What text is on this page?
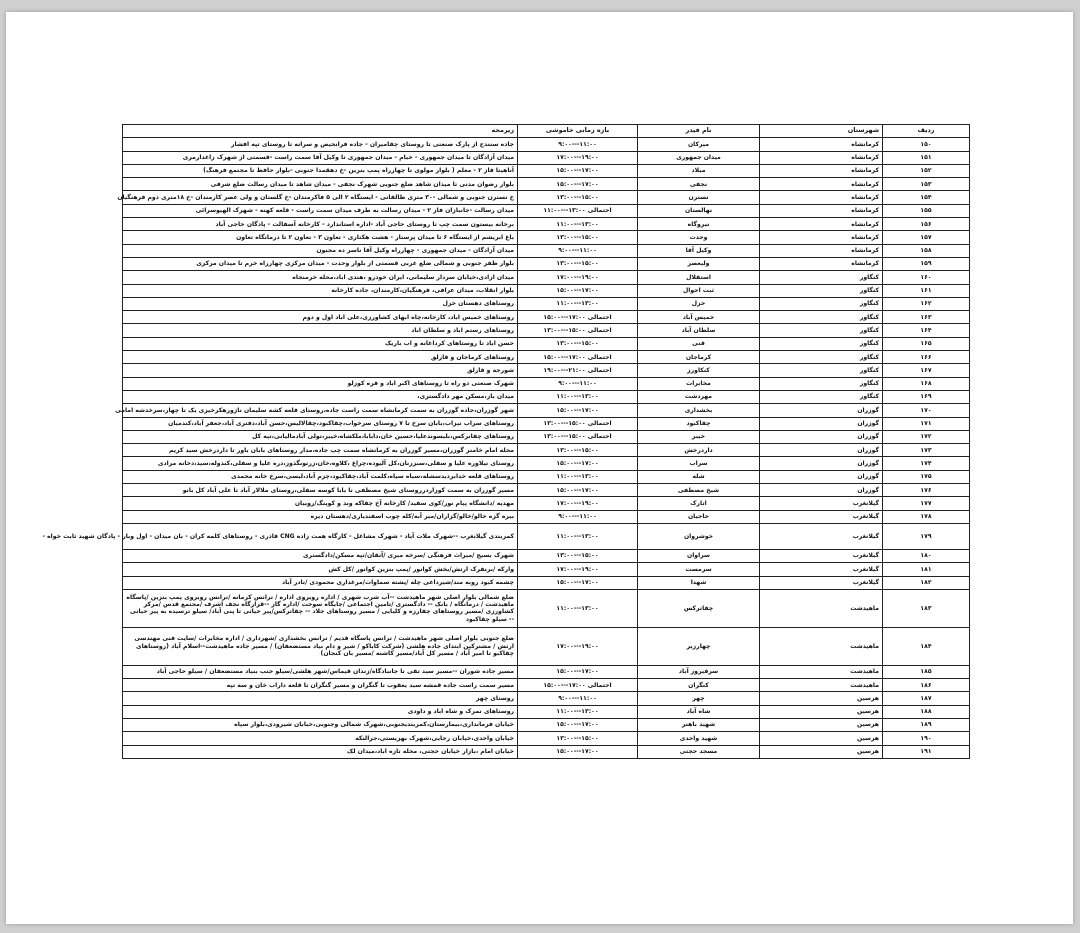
ردیف	شهرستان	نام فیدر	بازه زمانی خاموشی	زیرمجه
۱۵۰	کرمانشاه	میرکان	۹:۰۰---۱۱:۰۰	جاده سنندج از پارک صنعتی تا روستای چقامیران - جاده فرانجیص و سرانه تا روستای تپه افشار
۱۵۱	کرمانشاه	میدان جمهوری	۱۷:۰۰---۱۹:۰۰	میدان آزادگان تا میدان جمهوری - خیام - میدان جمهوری تا وکیل آقا سمت راست -قسمتی از شهرک زاغدارمری
۱۵۲	کرمانشاه	میلاد	۱۵:۰۰---۱۷:۰۰	آناهیتا فاز ۲ - معلم ( بلوار مولوی تا چهارراه پمپ بنزین -خ دهقمدا جنوبی -بلوار حافظ تا مجتمع فرهنگ)
۱۵۳	کرمانشاه	نجفی	۱۵:۰۰---۱۷:۰۰	بلوار رضوان مدنی تا میدان شاهد ضلع جنوبی شهرک نجفی - میدان شاهد تا میدان رسالت ضلع شرقی
۱۵۴	کرمانشاه	نسترن	۱۳:۰۰---۱۵:۰۰	خ نسترن جنوبی و شمالی -۳۰ متری طالقانی - ایستگاه ۲ الی ۵ فاکرمندان -خ گلستان و ولی عصر کارمندان -خ ۱۸متری دوم فرهنگیان
۱۵۵	کرمانشاه	نهالستان	احتمالی ۱۳:۰۰---۱۱:۰۰	میدان رسالت -جانبازان فاز ۲ - میدان رسالت به طرف میدان سمت راست - قلعه کهنه - شهرک الهیوسرائی
۱۵۶	کرمانشاه	نیروگاه	۱۱:۰۰---۱۳:۰۰	برخانه بیستون سمت چپ تا روستای حاجی آباد -اداره استاندارد - کارخانه آسفالت - پادگان حاجی آباد
۱۵۷	کرمانشاه	وحدت	۱۳:۰۰---۱۵:۰۰	باغ ابریشم از ایستگاه ۶ تا میدان پرستار - هشت هکتاری - تعاون ۳ - تعاون ۲ تا درمانگاه تعاون
۱۵۸	کرمانشاه	وکیل آقا	۹:۰۰---۱۱:۰۰	میدان آزادگان - میدان جمهوری - چهارراه وکیل آقا ناسر ده مجنون
۱۵۹	کرمانشاه	ولیعصر	۱۳:۰۰---۱۵:۰۰	بلوار ظفر جنوبی و شمالی ضلع غربی قسمتی از بلوار وحدت - میدان مرکزی چهارراه خرم تا میدان مرکزی
۱۶۰	کنگاور	استقلال	۱۷:۰۰---۱۹:۰۰	میدان ازادی،خیابان سردار سلیمانی، ایران خودرو ،هتدی اباد،محله خرمنجاه
۱۶۱	کنگاور	ثبت احوال	۱۵:۰۰---۱۷:۰۰	بلوار انقلاب، میدان عرافی، فرهنگیان،کارمندان، جاده کارخانه
۱۶۲	کنگاور	خزل	۱۱:۰۰---۱۳:۰۰	روستاهای دهستان خزل
۱۶۳	کنگاور	خمیس آباد	احتمالی ۱۷:۰۰---۱۵:۰۰	روستاهای خمیس اباد، کارخانه،چاه ابهای کشاورزی،علی اباد اول و دوم
۱۶۴	کنگاور	سلطان آباد	احتمالی ۱۵:۰۰---۱۳:۰۰	روستاهای رستم اباد و سلطان اباد
۱۶۵	کنگاور	قنی	۱۳:۰۰---۱۵:۰۰	حسن اباد تا روستاهای کرداغانه و اب باریک
۱۶۶	کنگاور	کرماجان	احتمالی ۱۷:۰۰---۱۵:۰۰	روستاهای کرماجان و قارلق
۱۶۷	کنگاور	کنکاورز	احتمالی ۲۱:۰۰---۱۹:۰۰	شورجه و قارلق
۱۶۸	کنگاور	مخابرات	۹:۰۰---۱۱:۰۰	شهرک صنعتی دو راه تا روستاهای اکبر اباد و قره کوزلو
۱۶۹	کنگاور	مهردشت	۱۱:۰۰---۱۳:۰۰	میدان باز،مسکن مهر دادگستری،
۱۷۰	گوزران	بخشداری	۱۵:۰۰---۱۷:۰۰	شهر گوزران،جاده گوزران به سمت کرمانشاه سمت راست جاده،روستای قلعه کشه سلیمان ناژورهکرخیزی یک تا چهار،سرخدشه امامی
۱۷۱	گوزران	چقاکبود	احتمالی ۱۵:۰۰---۱۳:۰۰	روستاهای سراب تیزاب،بابان سرخ تا ۷ روستای سرخواب،چقاکبود،چقالالیس،حسن آباد،دفتری آباد،جعفر آباد،کندمیان
۱۷۲	گوزران	خیبر	احتمالی ۱۵:۰۰---۱۳:۰۰	روستاهای چقانرکس،بلیسوندعلیا،حسین خان،دابابا،ملکشاه،خیبر،تولی آبادمالیانی،تپه کل
۱۷۳	گوزران	داردرخش	۱۳:۰۰---۱۵:۰۰	محله امام خامنر گوزران،مسیر گوزران به کرمانشاه سمت چپ جاده،مدار روستاهای بابان باور تا داردرخش سید کریم
۱۷۴	گوزران	سراب	۱۵:۰۰---۱۷:۰۰	روستای نیلاوره علیا و سفلی،سبززنان،کل آلیوده،چراغ ،کلاوه،خان،زرتونگدوز،دره علیا و سفلی،کندوله،سید،دخانه مرادی
۱۷۵	گوزران	شله	۱۱:۰۰---۱۳:۰۰	روستاهای قلعه خدابردیدسشله،سیاه سیاه،کلمت آباد،چقاکبود،چزم آباد،لیسی،سرخ خانه محمدی
۱۷۶	گوزران	شیخ مصطفی	۱۵:۰۰---۱۷:۰۰	مسیر گوزران به سمت کوزاردرروستای شیخ مصطفی تا بابا کوسه سفلی،روستای ملالار آباد تا علی آباد کل بانو
۱۷۷	گیلانغرب	اتارک	۱۷:۰۰---۱۹:۰۰	مهدیه /دانشگاه پیام نور/کوی سفید/ کارخانه آخ چقاکه وند و کوینگ/روبیان
۱۷۸	گیلانغرب	حاجیان	۹:۰۰---۱۱:۰۰	بیره گزه خالو/خالو/گزاران/میر آبه/کله چوب اسفندیاری/دهستان دیره
۱۷۹	گیلانغرب	خوشروان	۱۱:۰۰---۱۳:۰۰	کمربندی گیلانغرب --شهرک ملات آباد - شهرک مشاغل - کارگاه همت زاده CNG قادری - روستاهای کلمه کران - بان میدان - اول وبار - پادگان شهید ثابت خواه -
۱۸۰	گیلانغرب	سراوان	۱۳:۰۰---۱۵:۰۰	شهرک بسیج /میراث فرهنگی /سرخه میری /آنقان/تپه مسکن/دادگستری
۱۸۱	گیلانغرب	سرمست	۱۷:۰۰---۱۹:۰۰	وارکه /برنفرک ارتش/بخش کوانور /پمپ بنزین کوانور /کل کش
۱۸۲	گیلانغرب	شهدا	۱۵:۰۰---۱۷:۰۰	چشمه کبود روبه مند/شیرداغی چله /پشته سماوات/مرغداری محمودی /نادر آباد
۱۸۳	ماهیدشت	چقاترکس	۱۱:۰۰---۱۳:۰۰	ضلع شمالی بلوار اصلی شهر ماهیدشت --آب شرب شهری / اداره روبروی اداره / ترانس کرمانه /ترانس روبروی پمپ بنزین /پاسگاه ماهیدشت / درمانگاه / بانک -- دادگستری /تامین اجتماعی /جایگاه سوخت /اداره گاز --قرارگاه نجف اشرف /مجتمع قدس /مرکز کشاورزی /مسیر روستاهای چقارزه و کلیایی / مسیر روستاهای جلاد -- چقاترکس/پیر حیاتی تا پنی آباد/ سیلو ترسیده به پیر حیاتی -- سیلو چقاکبود
۱۸۴	ماهیدشت	چهارزبر	۱۷:۰۰---۱۹:۰۰	ضلع جنوبی بلوار اصلی شهر ماهیدشت / ترانس پاسگاه قدیم / ترانس بخشداری /شهرداری / اداره مخابرات /سایت فنی مهندسی ارتش / مشترکین ابتدای جاده هلشی (شرکت کاباکو / شیر و دام نیاد مستضعفان) / مسیر جاده ماهیدشت--اسلام آباد (روستاهای چقاکبو تا امیر آباد / مسیر کل آباد/مسیر کاشنه /مسیر بان کنجان)
۱۸۵	ماهیدشت	سرفیروز آباد	۱۵:۰۰---۱۷:۰۰	مسیر جاده شوران --مسیر سید تقی تا جانبادگاه/زندان قیماس/شهر هلشی/سیلو جنب بنیاد مستضعفان / سیلو حاجی آباد
۱۸۶	ماهیدشت	کنگران	احتمالی ۱۷:۰۰---۱۵:۰۰	مسیر سمت راست جاده قمشه سید یعقوب تا گنگران و مسیر گنگران تا قلعه داراب خان و سه تپه
۱۸۷	هرسین	چهر	۹:۰۰---۱۱:۰۰	روستای چهر
۱۸۸	هرسین	شاه آباد	۱۱:۰۰---۱۳:۰۰	روستاهای نمرک و شاه اباد و داودی
۱۸۹	هرسین	شهید باهنر	۱۵:۰۰---۱۷:۰۰	خیابان فرمانداری،بیمارستان،کمربندیجنوبی،شهرک شمالی وجنوبی،خیابان شیرودی،بلوار سپاه
۱۹۰	هرسین	شهید واحدی	۱۳:۰۰---۱۵:۰۰	خیابان واحدی،خیابان رجایی،شهرک بهزیستی،جرالنکه
۱۹۱	هرسین	مسجد حجتی	۱۵:۰۰---۱۷:۰۰	خیابان امام ،بازار خیابان حجتی، محله تازه اباد،میدان لک
